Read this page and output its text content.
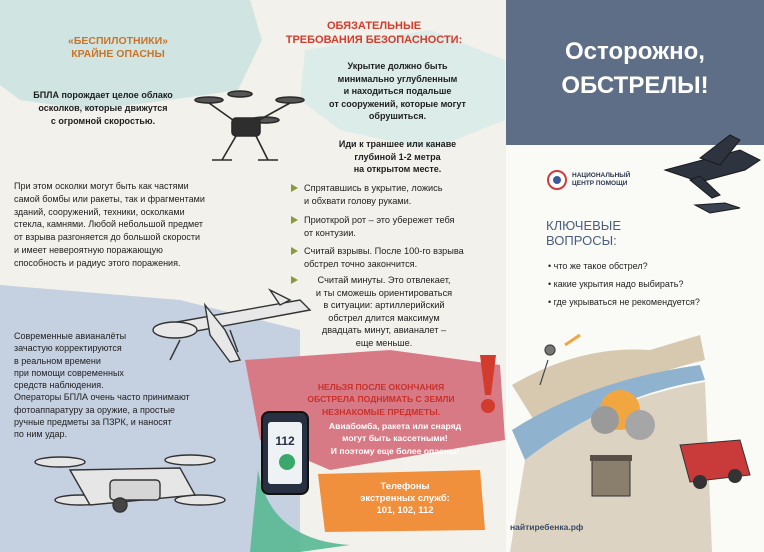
«БЕСПИЛОТНИКИ»
КРАЙНЕ ОПАСНЫ
БПЛА порождает целое облако
осколков, которые движутся
с огромной скоростью.
При этом осколки могут быть как частями
самой бомбы или ракеты, так и фрагментами
зданий, сооружений, техники, осколками
стекла, камнями. Любой небольшой предмет
от взрыва разгоняется до большой скорости
и имеет невероятную поражающую
способность и радиус этого поражения.
Современные авианалёты
зачастую корректируются
в реальном времени
при помощи современных
средств наблюдения.
Операторы БПЛА очень часто принимают
фотоаппаратуру за оружие, а простые
ручные предметы за ПЗРК, и наносят
по ним удар.
ОБЯЗАТЕЛЬНЫЕ
ТРЕБОВАНИЯ БЕЗОПАСНОСТИ:
Укрытие должно быть
минимально углубленным
и находиться подальше
от сооружений, которые могут
обрушиться.
Иди к траншее или канаве
глубиной 1-2 метра
на открытом месте.
Спрятавшись в укрытие, ложись
и обхвати голову руками.
Приоткрой рот – это убережет тебя
от контузии.
Считай взрывы. После 100-го взрыва
обстрел точно закончится.
Считай минуты. Это отвлекает,
и ты сможешь ориентироваться
в ситуации: артиллерийский
обстрел длится максимум
двадцать минут, авианалет –
еще меньше.
НЕЛЬЗЯ ПОСЛЕ ОКОНЧАНИЯ
ОБСТРЕЛА ПОДНИМАТЬ С ЗЕМЛИ
НЕЗНАКОМЫЕ ПРЕДМЕТЫ.
Авиабомба, ракета или снаряд
могут быть кассетными!
И поэтому еще более опасны!
112
Телефоны
экстренных служб:
101, 102, 112
Осторожно,
ОБСТРЕЛЫ!
НАЦИОНАЛЬНЫЙ
ЦЕНТР ПОМОЩИ
КЛЮЧЕВЫЕ
ВОПРОСЫ:
• что же такое обстрел?
• какие укрытия надо выбирать?
• где укрываться не рекомендуется?
найтиребенка.рф
